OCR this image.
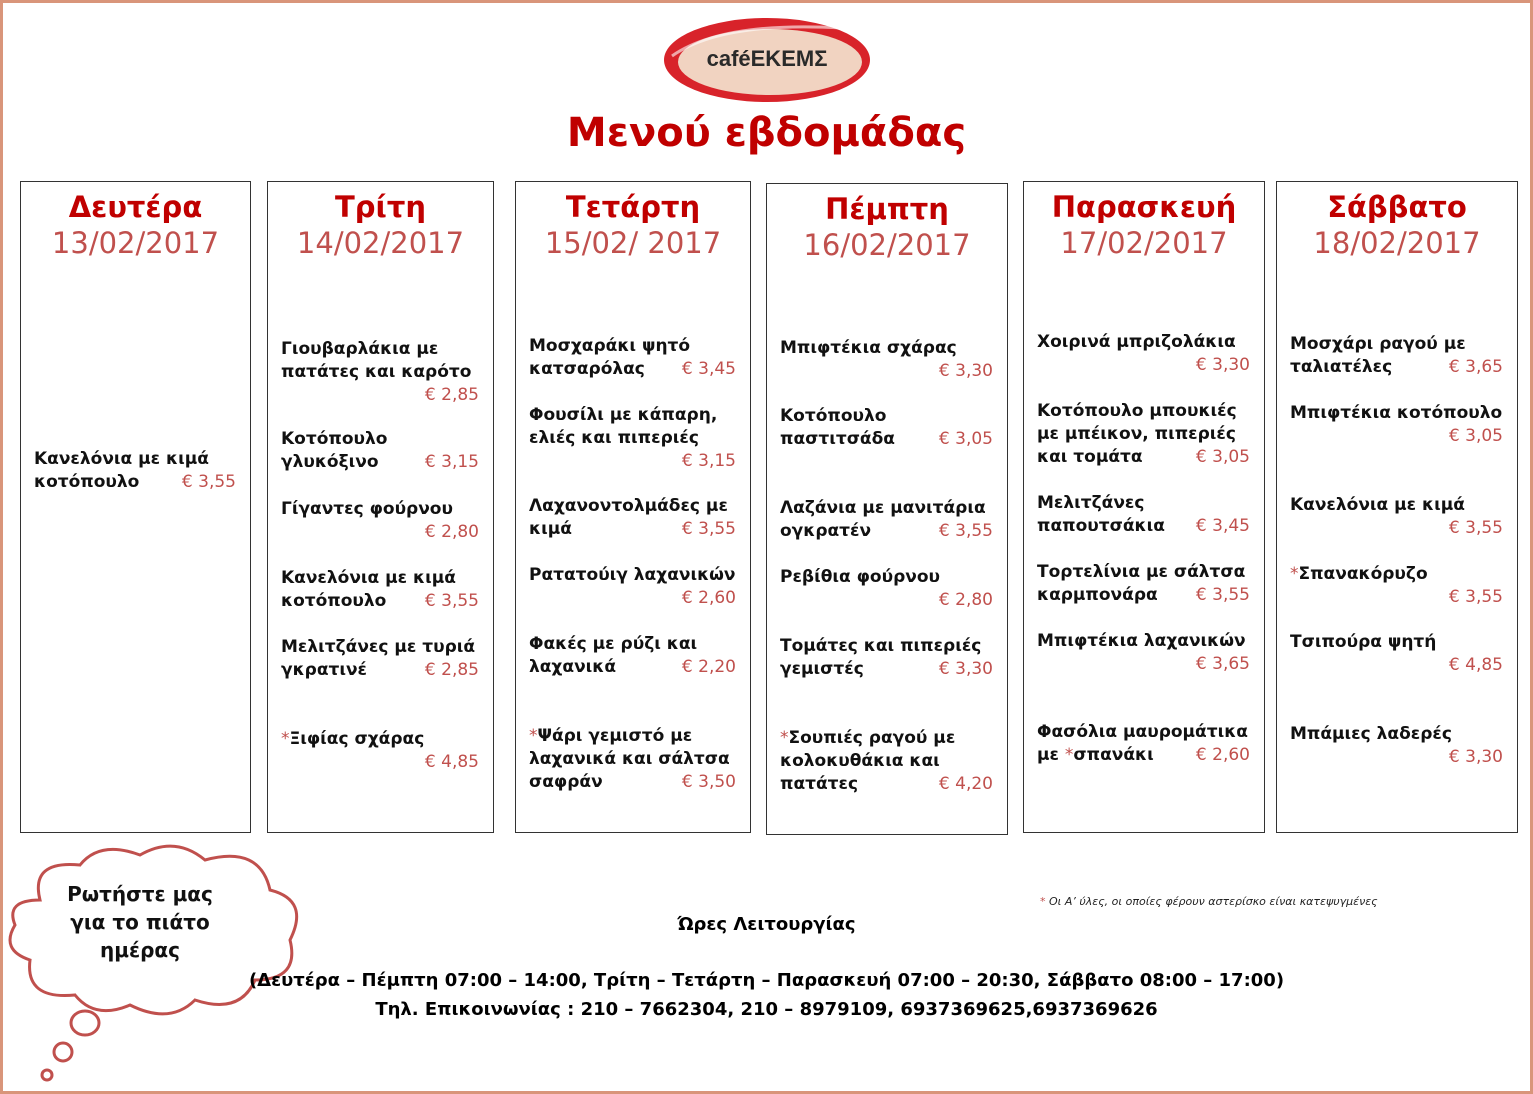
caféΕΚΕΜΣ
Μενού εβδομάδας
Δευτέρα
13/02/2017
Κανελόνια με κιμά
κοτόπουλο	€ 3,55
Τρίτη
14/02/2017
Γιουβαρλάκια με
πατάτες και καρότο
€ 2,85
Κοτόπουλο
γλυκόξινο	€ 3,15
Γίγαντες φούρνου
€ 2,80
Κανελόνια με κιμά
κοτόπουλο € 3,55
Μελιτζάνες με τυριά
γκρατινέ	€ 2,85
*Ξιφίας σχάρας
€ 4,85
Τετάρτη
15/02/ 2017
Μοσχαράκι ψητό
κατσαρόλας € 3,45
Φουσίλι με κάπαρη,
ελιές και πιπεριές
€ 3,15
Λαχανοντολμάδες με
κιμά	€ 3,55
Ρατατούιγ λαχανικών
€ 2,60
Φακές με ρύζι και
λαχανικά	€ 2,20
*Ψάρι γεμιστό με
λαχανικά και σάλτσα
σαφράν	€ 3,50
Πέμπτη
16/02/2017
Μπιφτέκια σχάρας
€ 3,30
Κοτόπουλο
παστιτσάδα	€ 3,05
Λαζάνια με μανιτάρια
ογκρατέν	€ 3,55
Ρεβίθια φούρνου
€ 2,80
Τομάτες και πιπεριές
γεμιστές	€ 3,30
*Σουπιές ραγού με
κολοκυθάκια και
πατάτες	€ 4,20
Παρασκευή
17/02/2017
Χοιρινά μπριζολάκια
€ 3,30
Κοτόπουλο μπουκιές
με μπέικον, πιπεριές
και τομάτα	€ 3,05
Μελιτζάνες
παπουτσάκια € 3,45
Τορτελίνια με σάλτσα
καρμπονάρα € 3,55
Μπιφτέκια λαχανικών
€ 3,65
Φασόλια μαυρομάτικα
με *σπανάκι € 2,60
Σάββατο
18/02/2017
Μοσχάρι ραγού με
ταλιατέλες	€ 3,65
Μπιφτέκια κοτόπουλο
€ 3,05
Κανελόνια με κιμά
€ 3,55
*Σπανακόρυζο
€ 3,55
Τσιπούρα ψητή
€ 4,85
Μπάμιες λαδερές
€ 3,30
Ρωτήστε μας
για το πιάτο
ημέρας
* Οι Α’ ύλες, οι οποίες φέρουν αστερίσκο είναι κατεψυγμένες
Ώρες Λειτουργίας
(Δευτέρα – Πέμπτη 07:00 – 14:00, Τρίτη – Τετάρτη – Παρασκευή 07:00 – 20:30, Σάββατο 08:00 – 17:00)
Τηλ. Επικοινωνίας : 210 – 7662304, 210 – 8979109, 6937369625,6937369626
